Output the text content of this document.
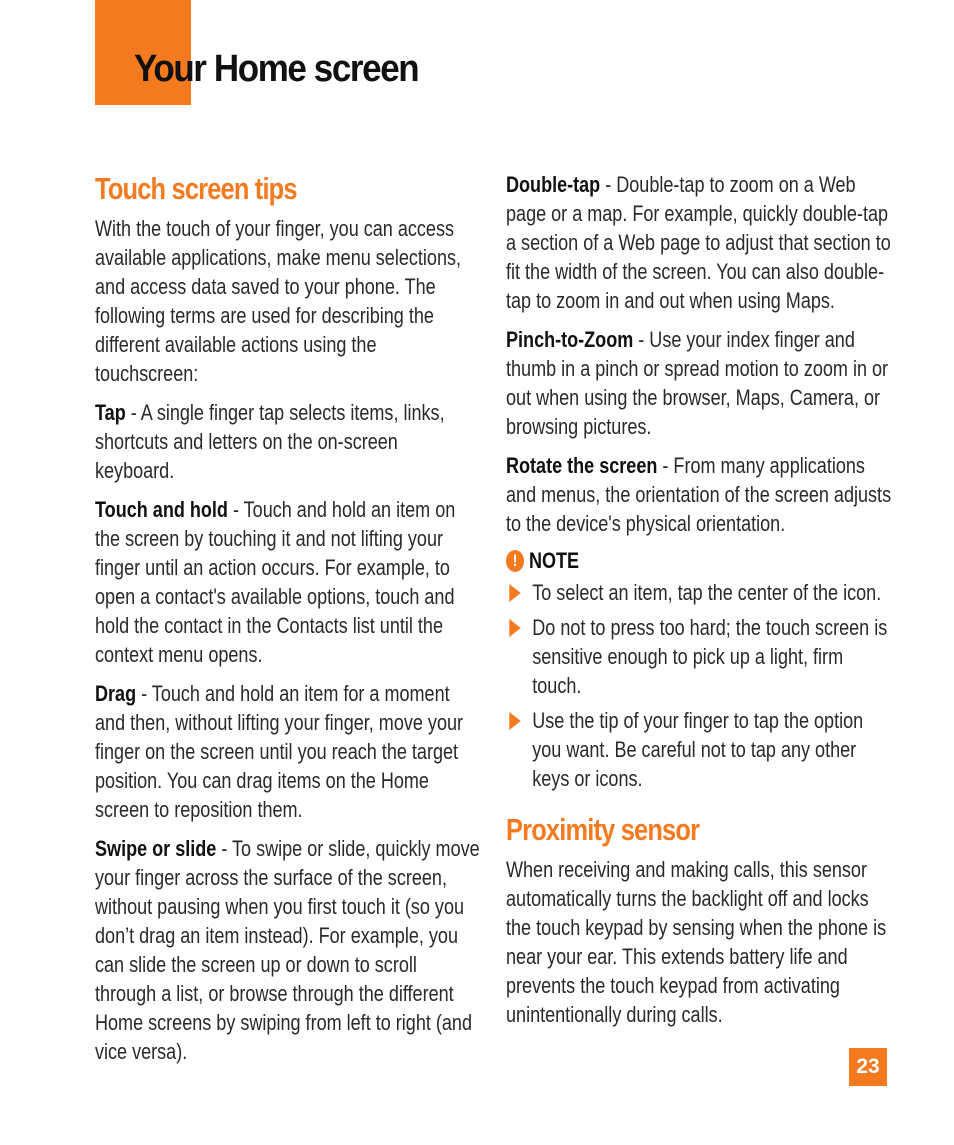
Your Home screen
Touch screen tips

With the touch of your finger, you can access available applications, make menu selections, and access data saved to your phone. The following terms are used for describing the different available actions using the touchscreen:

Tap - A single finger tap selects items, links, shortcuts and letters on the on-screen keyboard.

Touch and hold - Touch and hold an item on the screen by touching it and not lifting your finger until an action occurs. For example, to open a contact's available options, touch and hold the contact in the Contacts list until the context menu opens.

Drag - Touch and hold an item for a moment and then, without lifting your finger, move your finger on the screen until you reach the target position. You can drag items on the Home screen to reposition them.

Swipe or slide - To swipe or slide, quickly move your finger across the surface of the screen, without pausing when you first touch it (so you don’t drag an item instead). For example, you can slide the screen up or down to scroll through a list, or browse through the different Home screens by swiping from left to right (and vice versa).

Double-tap - Double-tap to zoom on a Web page or a map. For example, quickly double-tap a section of a Web page to adjust that section to fit the width of the screen. You can also double-tap to zoom in and out when using Maps.

Pinch-to-Zoom - Use your index finger and thumb in a pinch or spread motion to zoom in or out when using the browser, Maps, Camera, or browsing pictures.

Rotate the screen - From many applications and menus, the orientation of the screen adjusts to the device's physical orientation.

! NOTE
To select an item, tap the center of the icon.
Do not to press too hard; the touch screen is sensitive enough to pick up a light, firm touch.
Use the tip of your finger to tap the option you want. Be careful not to tap any other keys or icons.
Proximity sensor

When receiving and making calls, this sensor automatically turns the backlight off and locks the touch keypad by sensing when the phone is near your ear. This extends battery life and prevents the touch keypad from activating unintentionally during calls.

23
